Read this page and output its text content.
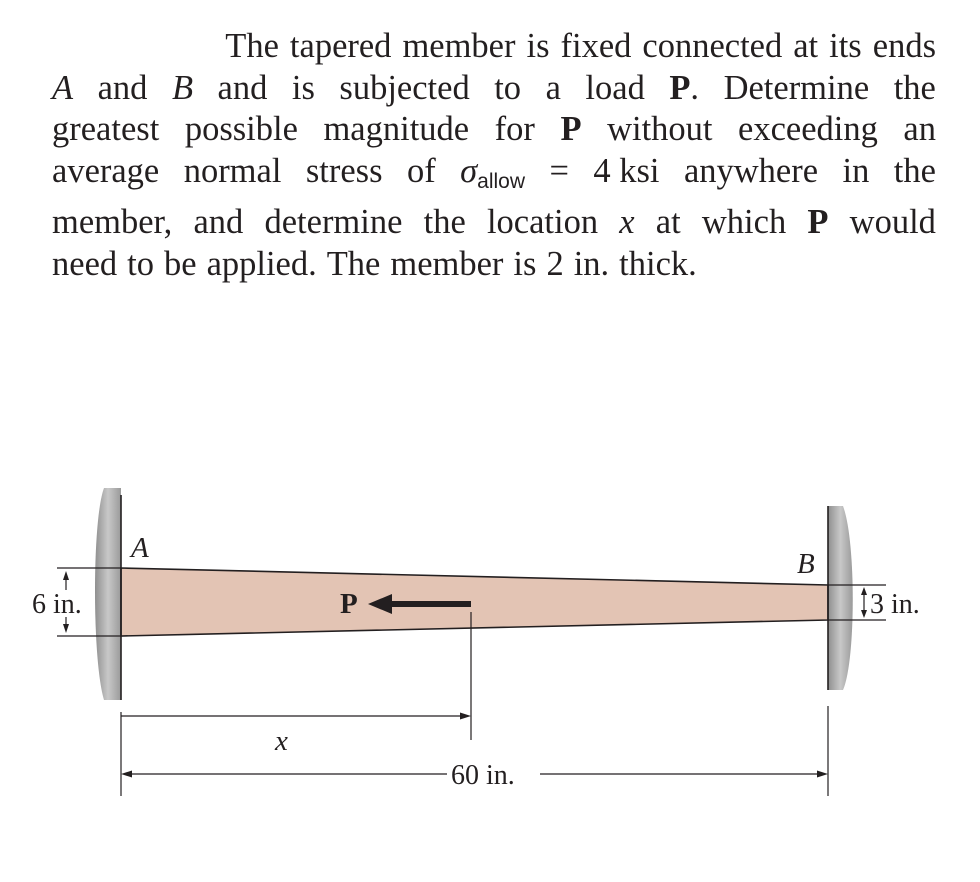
The tapered member is fixed connected at its ends
A and B and is subjected to a load P. Determine the
greatest possible magnitude for P without exceeding an
average normal stress of σallow = 4 ksi anywhere in the
member, and determine the location x at which P would
need to be applied. The member is 2 in. thick.
A	B
6 in.	3 in.
P
x
60 in.
